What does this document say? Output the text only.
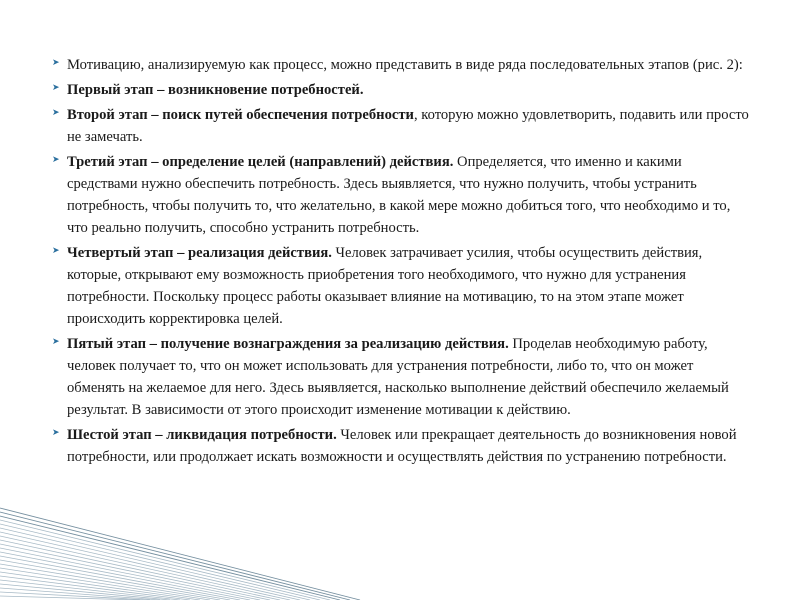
➤ Мотивацию, анализируемую как процесс, можно представить в виде ряда последовательных этапов (рис. 2):

➤ Первый этап – возникновение потребностей.

➤ Второй этап – поиск путей обеспечения потребности, которую можно удовлетворить, подавить или просто не замечать.

➤ Третий этап – определение целей (направлений) действия. Определяется, что именно и какими средствами нужно обеспечить потребность. Здесь выявляется, что нужно получить, чтобы устранить потребность, чтобы получить то, что желательно, в какой мере можно добиться того, что необходимо и то, что реально получить, способно устранить потребность.

➤ Четвертый этап – реализация действия. Человек затрачивает усилия, чтобы осуществить действия, которые, открывают ему возможность приобретения того необходимого, что нужно для устранения потребности. Поскольку процесс работы оказывает влияние на мотивацию, то на этом этапе может происходить корректировка целей.

➤ Пятый этап – получение вознаграждения за реализацию действия. Проделав необходимую работу, человек получает то, что он может использовать для устранения потребности, либо то, что он может обменять на желаемое для него. Здесь выявляется, насколько выполнение действий обеспечило желаемый результат. В зависимости от этого происходит изменение мотивации к действию.

➤ Шестой этап – ликвидация потребности. Человек или прекращает деятельность до возникновения новой потребности, или продолжает искать возможности и осуществлять действия по устранению потребности.
